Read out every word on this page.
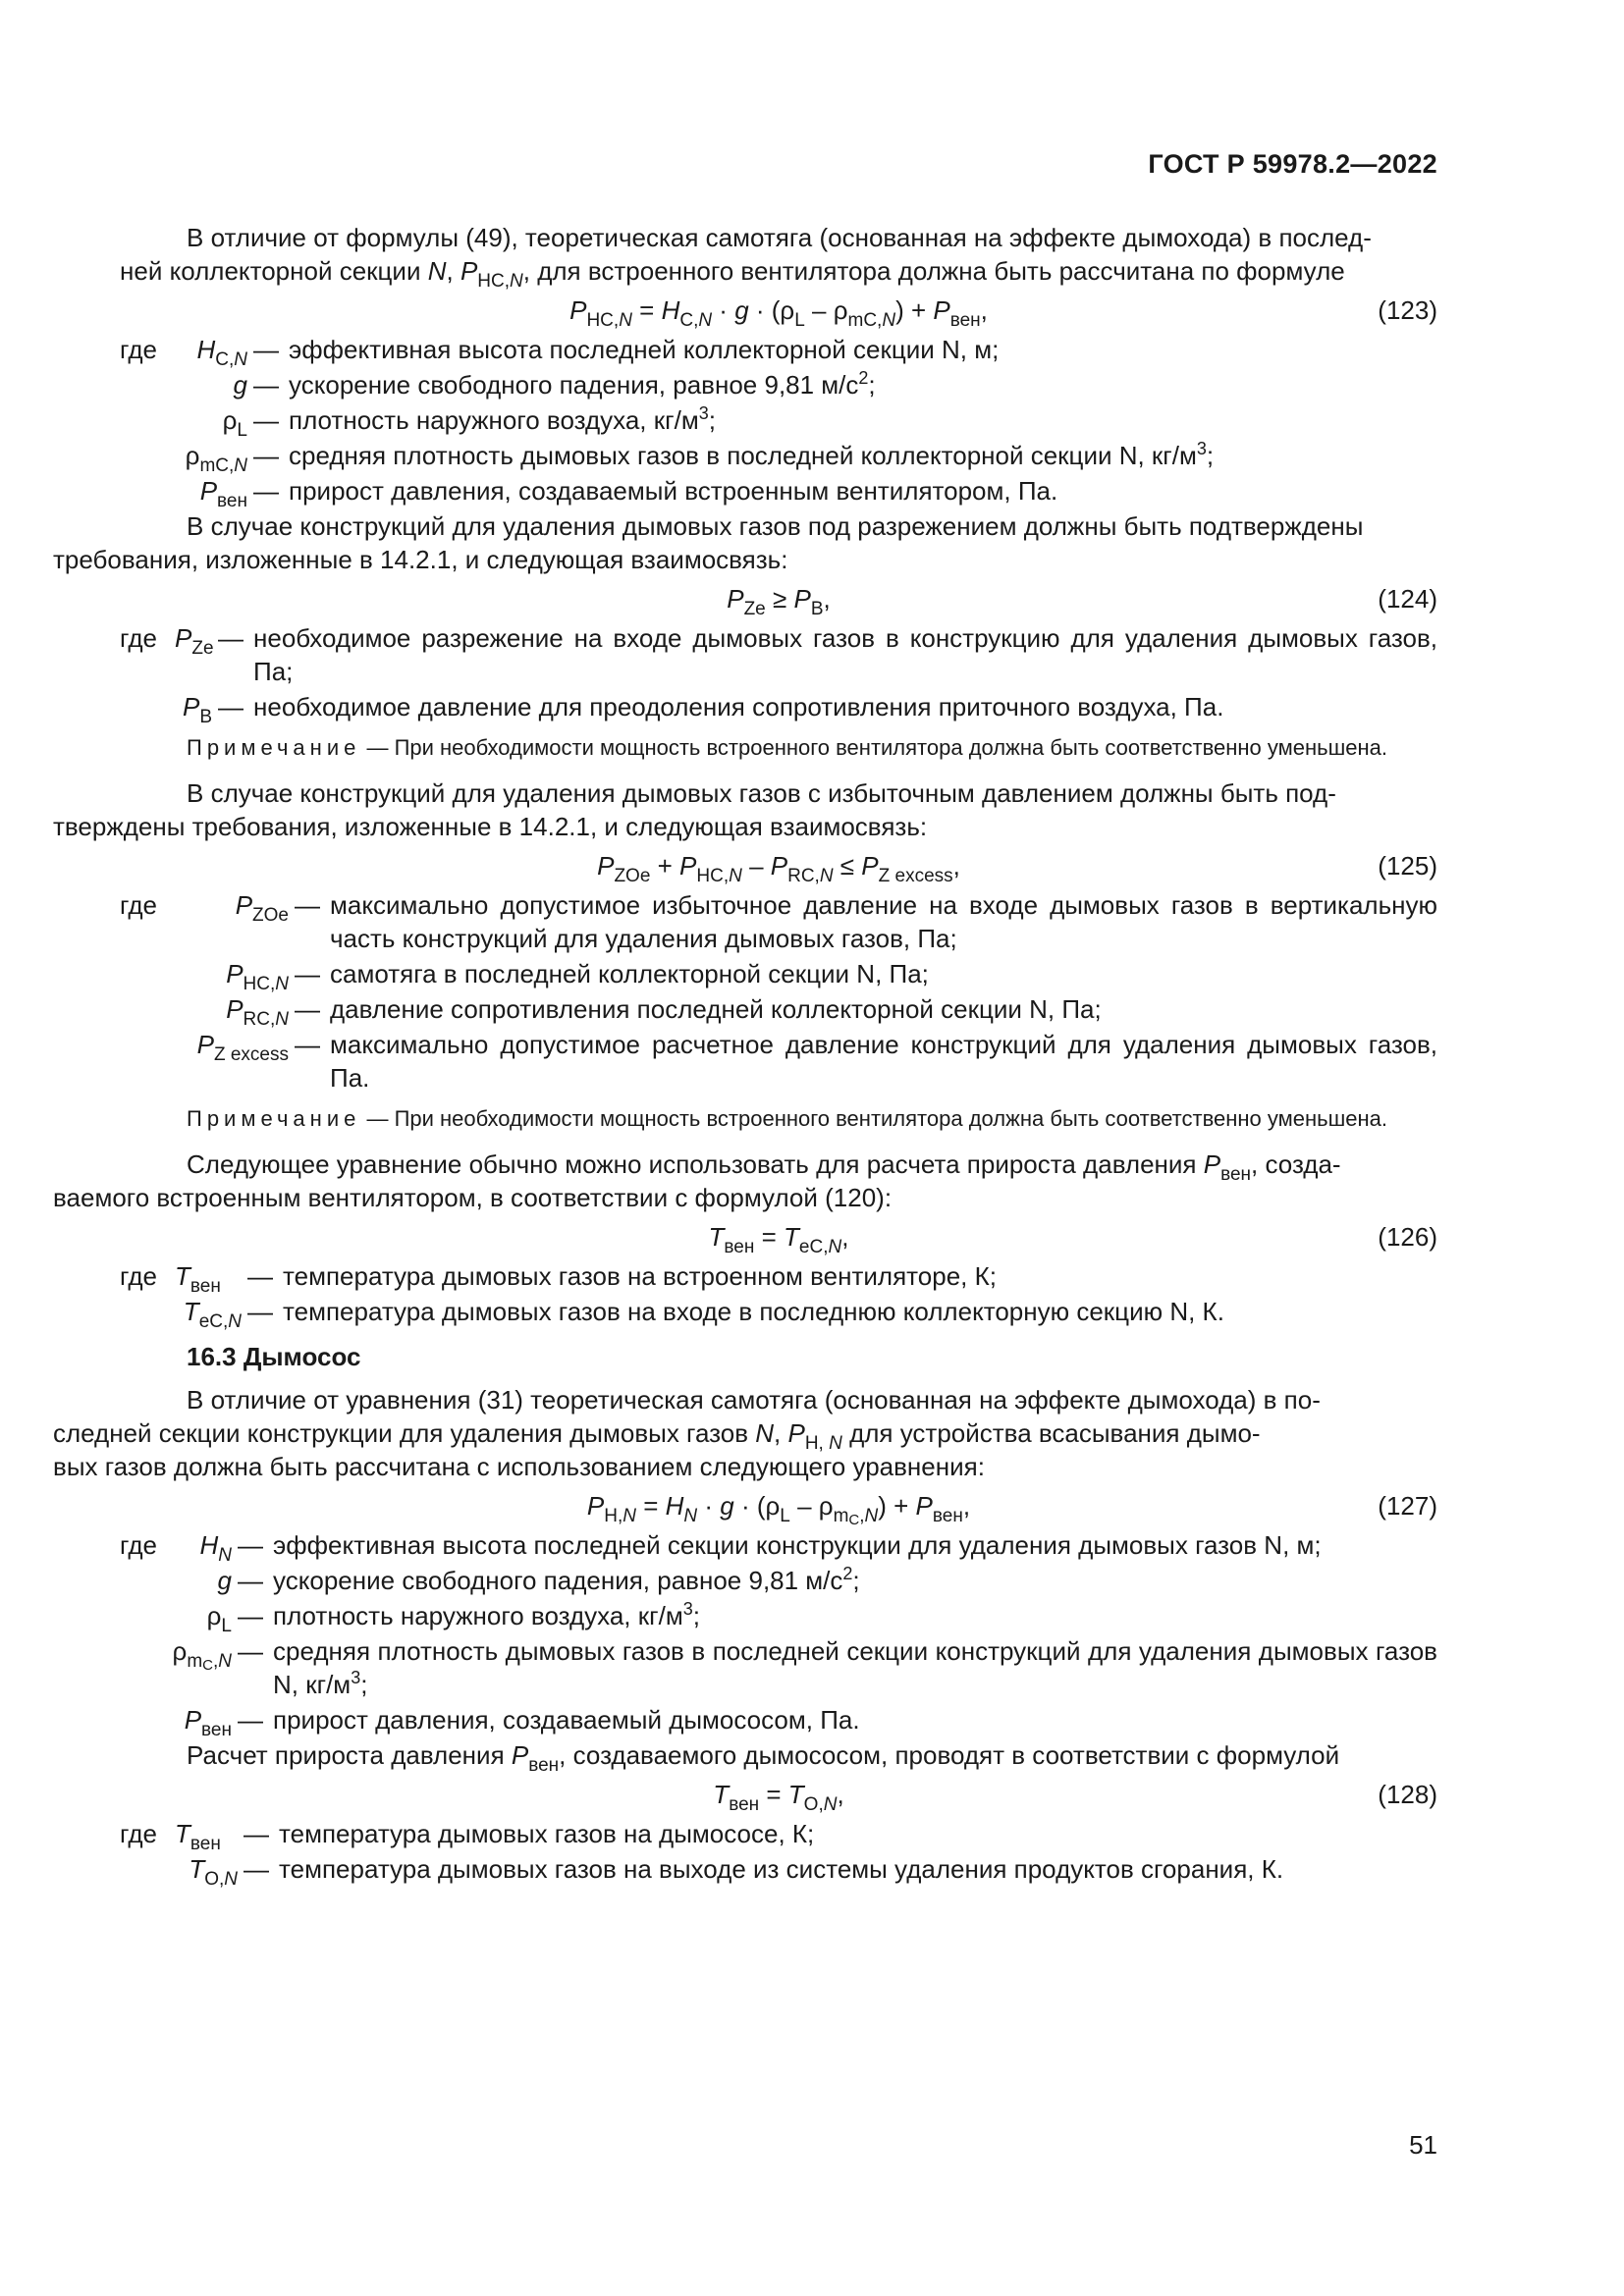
ГОСТ Р 59978.2—2022

В отличие от формулы (49), теоретическая самотяга (основанная на эффекте дымохода) в послед-
ней коллекторной секции N, $P_{HC,N}$, для встроенного вентилятора должна быть рассчитана по формуле

$P_{HC,N} = H_{C,N} \cdot g \cdot (\rho_L - \rho_{mC,N}) + P_{вен}$,	(123)
где	$H_{C,N}$ — эффективная высота последней коллекторной секции N, м;
g — ускорение свободного падения, равное 9,81 $м/с^2$;
$\rho_L$ — плотность наружного воздуха, $кг/м^3$;
$\rho_{mC,N}$ — средняя плотность дымовых газов в последней коллекторной секции N, $кг/м^3$;
$P_{вен}$ — прирост давления, создаваемый встроенным вентилятором, Па.

В случае конструкций для удаления дымовых газов под разрежением должны быть подтверждены
требования, изложенные в 14.2.1, и следующая взаимосвязь:

$P_{Ze} \ge P_B$,	(124)
где $P_{Ze}$ — необходимое разрежение на входе дымовых газов в конструкцию для удаления дымовых газов, Па;
$P_B$ — необходимое давление для преодоления сопротивления приточного воздуха, Па.

Примечание — При необходимости мощность встроенного вентилятора должна быть соответственно уменьшена.

В случае конструкций для удаления дымовых газов с избыточным давлением должны быть под-
тверждены требования, изложенные в 14.2.1, и следующая взаимосвязь:

$P_{ZOe} + P_{HC,N} - P_{RC,N} \le P_{Z excess}$,	(125)
где	$P_{ZOe}$ — максимально допустимое избыточное давление на входе дымовых газов в вертикальную часть конструкций для удаления дымовых газов, Па;
$P_{HC,N}$ — самотяга в последней коллекторной секции N, Па;
$P_{RC,N}$ — давление сопротивления последней коллекторной секции N, Па;
$P_{Z excess}$ — максимально допустимое расчетное давление конструкций для удаления дымовых газов, Па.

Примечание — При необходимости мощность встроенного вентилятора должна быть соответственно уменьшена.

Следующее уравнение обычно можно использовать для расчета прироста давления $P_{вен}$, созда-
ваемого встроенным вентилятором, в соответствии с формулой (120):

$T_{вен} = T_{eC,N}$,	(126)
где $T_{вен}$	— температура дымовых газов на встроенном вентиляторе, К;
$T_{eC,N}$ — температура дымовых газов на входе в последнюю коллекторную секцию N, К.

16.3 Дымосос

В отличие от уравнения (31) теоретическая самотяга (основанная на эффекте дымохода) в по-
следней секции конструкции для удаления дымовых газов N, $P_{H, N}$ для устройства всасывания дымо-
вых газов должна быть рассчитана с использованием следующего уравнения:

$P_{H,N} = H_N \cdot g \cdot (\rho_L - \rho_{m_C,N}) + P_{вен}$,	(127)
где	$H_N$ — эффективная высота последней секции конструкции для удаления дымовых газов N, м;
g — ускорение свободного падения, равное 9,81 $м/с^2$;
$\rho_L$ — плотность наружного воздуха, $кг/м^3$;
$\rho_{m_C,N}$ — средняя плотность дымовых газов в последней секции конструкций для удаления дымовых газов N, $кг/м^3$;
$P_{вен}$ — прирост давления, создаваемый дымососом, Па.

Расчет прироста давления $P_{вен}$, создаваемого дымососом, проводят в соответствии с формулой

$T_{вен} = T_{O,N}$,	(128)
где $T_{вен}$ — температура дымовых газов на дымососе, К;
$T_{O,N}$ — температура дымовых газов на выходе из системы удаления продуктов сгорания, К.
51
